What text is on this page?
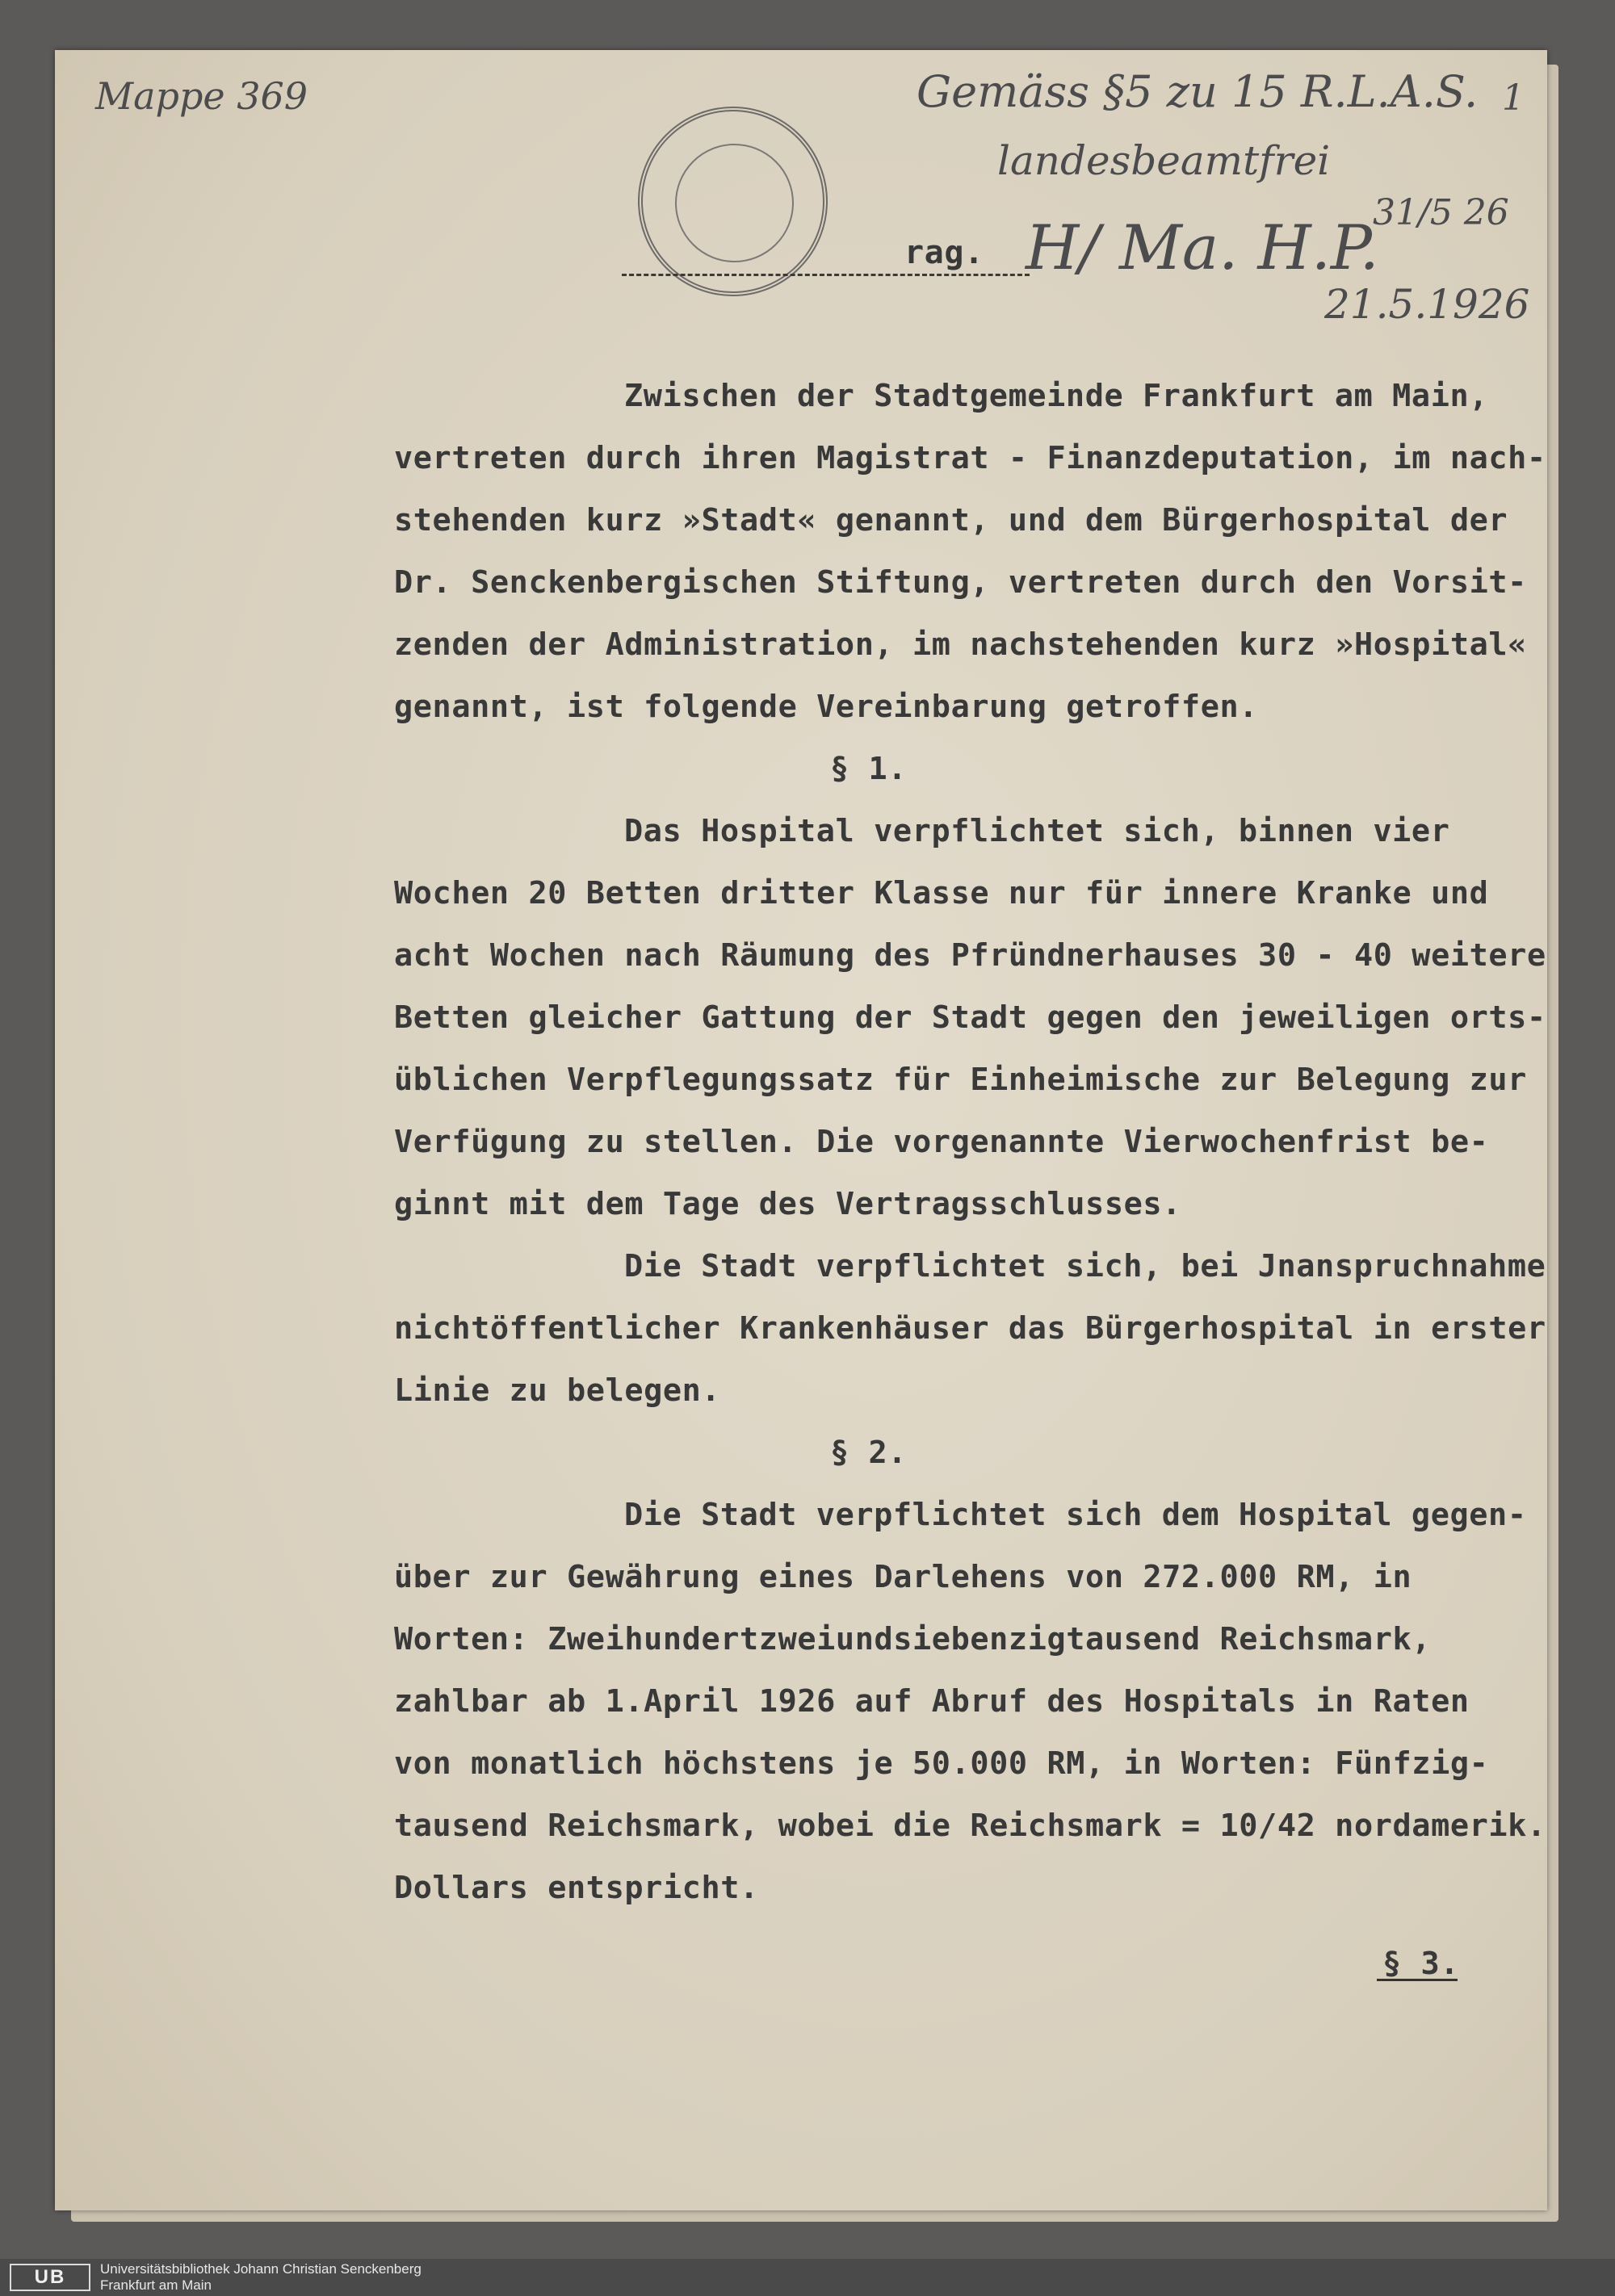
Mappe 369	Gemäss §5 zu 15 R.L.A.S. 1
landesbeamtfrei
H/ Ma. H.P.
31/5 26
21.5.1926
rag.
Zwischen der Stadtgemeinde Frankfurt am Main,
vertreten durch ihren Magistrat - Finanzdeputation, im nach-
stehenden kurz »Stadt« genannt, und dem Bürgerhospital der
Dr. Senckenbergischen Stiftung, vertreten durch den Vorsit-
zenden der Administration, im nachstehenden kurz »Hospital«
genannt, ist folgende Vereinbarung getroffen.
§ 1.
Das Hospital verpflichtet sich, binnen vier
Wochen 20 Betten dritter Klasse nur für innere Kranke und
acht Wochen nach Räumung des Pfründnerhauses 30 - 40 weitere
Betten gleicher Gattung der Stadt gegen den jeweiligen orts-
üblichen Verpflegungssatz für Einheimische zur Belegung zur
Verfügung zu stellen. Die vorgenannte Vierwochenfrist be-
ginnt mit dem Tage des Vertragsschlusses.
Die Stadt verpflichtet sich, bei Jnanspruchnahme
nichtöffentlicher Krankenhäuser das Bürgerhospital in erster
Linie zu belegen.
§ 2.
Die Stadt verpflichtet sich dem Hospital gegen-
über zur Gewährung eines Darlehens von 272.000 RM, in
Worten: Zweihundertzweiundsiebenzigtausend Reichsmark,
zahlbar ab 1.April 1926 auf Abruf des Hospitals in Raten
von monatlich höchstens je 50.000 RM, in Worten: Fünfzig-
tausend Reichsmark, wobei die Reichsmark = 10/42 nordamerik.
Dollars entspricht.
§ 3.
UB	Universitätsbibliothek Johann Christian Senckenberg
Frankfurt am Main
